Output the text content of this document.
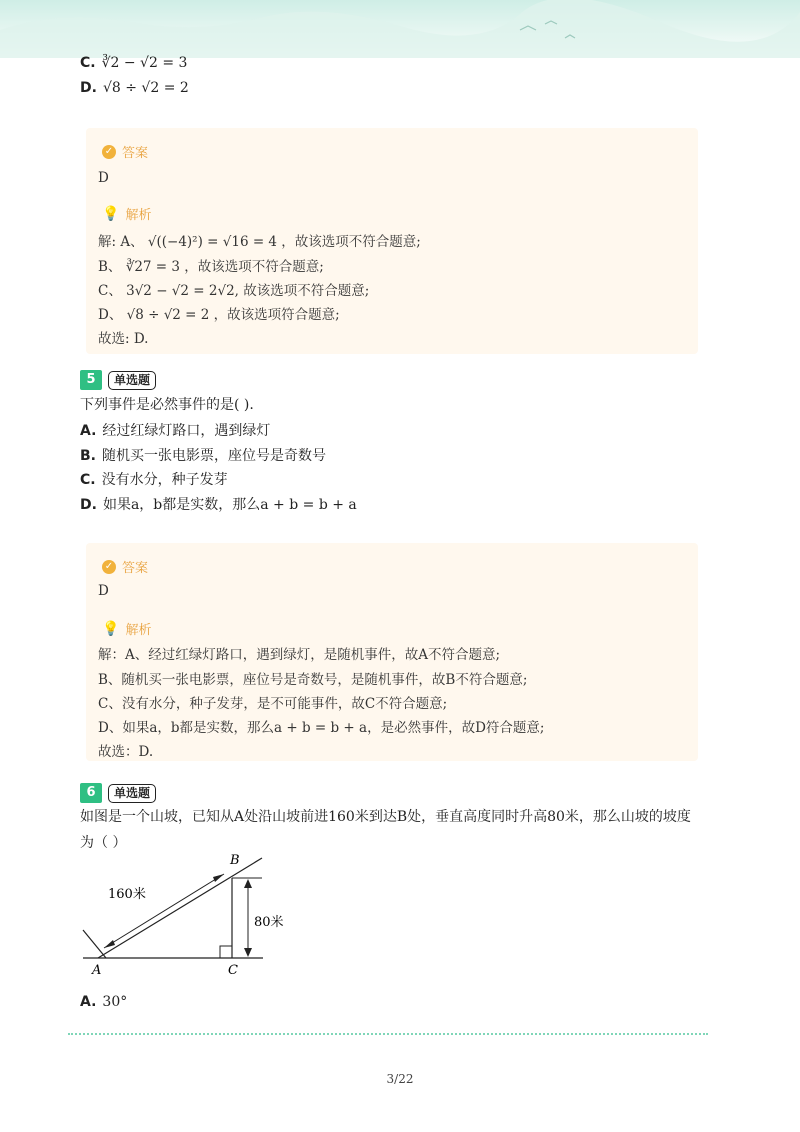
C. ∛2 − √2 = 3
D. √8 ÷ √2 = 2
✓ 答案
D
💡 解析
解: A、 √((−4)²) = √16 = 4 ，故该选项不符合题意;
B、 ∛27 = 3 ，故该选项不符合题意;
C、 3√2 − √2 = 2√2, 故该选项不符合题意;
D、 √8 ÷ √2 = 2 ，故该选项符合题意;
故选: D.
5	单选题
下列事件是必然事件的是( ).
A. 经过红绿灯路口，遇到绿灯
B. 随机买一张电影票，座位号是奇数号
C. 没有水分，种子发芽
D. 如果a，b都是实数，那么a + b = b + a
✓ 答案
D
💡 解析
解：A、经过红绿灯路口，遇到绿灯，是随机事件，故A不符合题意;
B、随机买一张电影票，座位号是奇数号，是随机事件，故B不符合题意;
C、没有水分，种子发芽，是不可能事件，故C不符合题意;
D、如果a，b都是实数，那么a + b = b + a，是必然事件，故D符合题意;
故选：D.
6	单选题
如图是一个山坡，已知从A处沿山坡前进160米到达B处，垂直高度同时升高80米，那么山坡的坡度
为（ ）
A	C
B
160米
80米
A. 30°
3/22
